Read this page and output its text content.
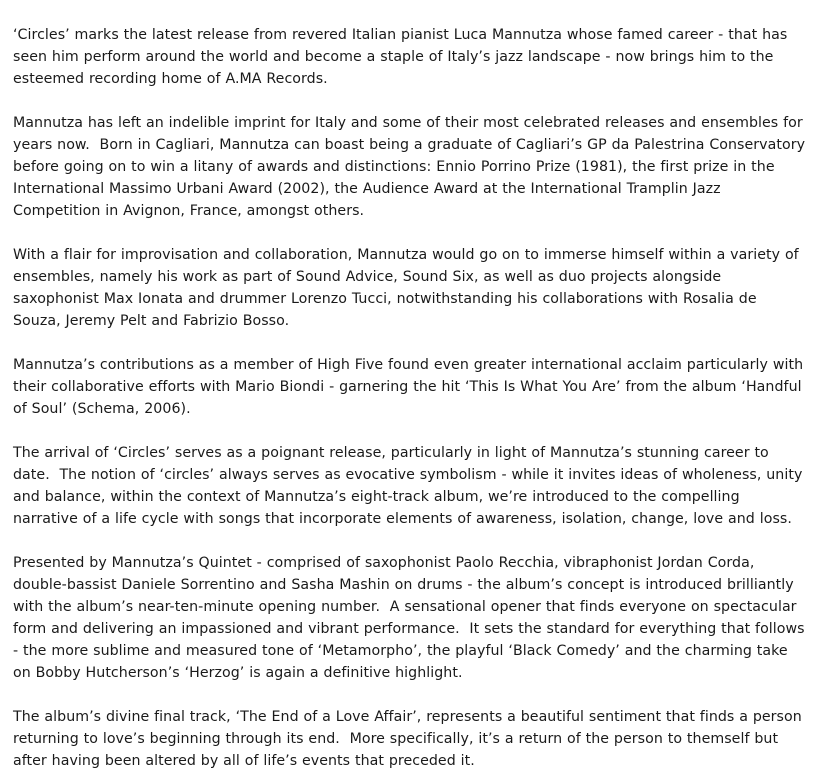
‘Circles’ marks the latest release from revered Italian pianist Luca Mannutza whose famed career - that has seen him perform around the world and become a staple of Italy’s jazz landscape - now brings him to the esteemed recording home of A.MA Records.

Mannutza has left an indelible imprint for Italy and some of their most celebrated releases and ensembles for years now.  Born in Cagliari, Mannutza can boast being a graduate of Cagliari’s GP da Palestrina Conservatory before going on to win a litany of awards and distinctions: Ennio Porrino Prize (1981), the first prize in the International Massimo Urbani Award (2002), the Audience Award at the International Tramplin Jazz Competition in Avignon, France, amongst others.

With a flair for improvisation and collaboration, Mannutza would go on to immerse himself within a variety of ensembles, namely his work as part of Sound Advice, Sound Six, as well as duo projects alongside saxophonist Max Ionata and drummer Lorenzo Tucci, notwithstanding his collaborations with Rosalia de Souza, Jeremy Pelt and Fabrizio Bosso.

Mannutza’s contributions as a member of High Five found even greater international acclaim particularly with their collaborative efforts with Mario Biondi - garnering the hit ‘This Is What You Are’ from the album ‘Handful of Soul’ (Schema, 2006).

The arrival of ‘Circles’ serves as a poignant release, particularly in light of Mannutza’s stunning career to date.  The notion of ‘circles’ always serves as evocative symbolism - while it invites ideas of wholeness, unity and balance, within the context of Mannutza’s eight-track album, we’re introduced to the compelling narrative of a life cycle with songs that incorporate elements of awareness, isolation, change, love and loss.

Presented by Mannutza’s Quintet - comprised of saxophonist Paolo Recchia, vibraphonist Jordan Corda, double-bassist Daniele Sorrentino and Sasha Mashin on drums - the album’s concept is introduced brilliantly with the album’s near-ten-minute opening number.  A sensational opener that finds everyone on spectacular form and delivering an impassioned and vibrant performance.  It sets the standard for everything that follows - the more sublime and measured tone of ‘Metamorpho’, the playful ‘Black Comedy’ and the charming take on Bobby Hutcherson’s ‘Herzog’ is again a definitive highlight.

The album’s divine final track, ‘The End of a Love Affair’, represents a beautiful sentiment that finds a person returning to love’s beginning through its end.  More specifically, it’s a return of the person to themself but after having been altered by all of life’s events that preceded it.
